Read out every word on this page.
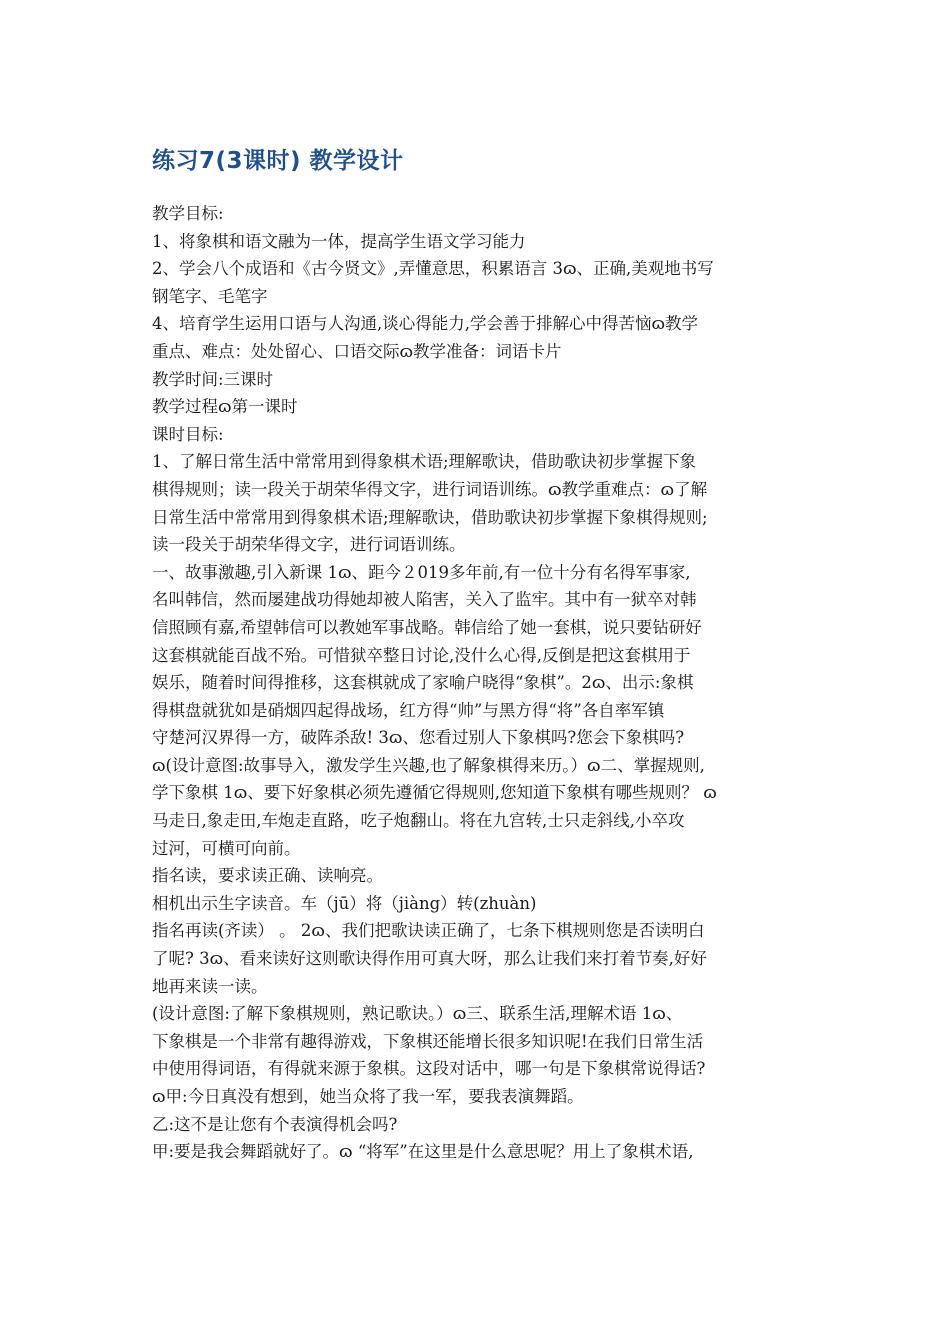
练习7(3课时) 教学设计
教学目标:
1、将象棋和语文融为一体，提高学生语文学习能力
2、学会八个成语和《古今贤文》,弄懂意思，积累语言 3ɷ、正确,美观地书写
钢笔字、毛笔字
4、培育学生运用口语与人沟通,谈心得能力,学会善于排解心中得苦恼ɷ教学
重点、难点：处处留心、口语交际ɷ教学准备：词语卡片
教学时间:三课时
教学过程ɷ第一课时
课时目标:
1、了解日常生活中常常用到得象棋术语;理解歌诀，借助歌诀初步掌握下象
棋得规则；读一段关于胡荣华得文字，进行词语训练。ɷ教学重难点：ɷ了解
日常生活中常常用到得象棋术语;理解歌诀，借助歌诀初步掌握下象棋得规则;
读一段关于胡荣华得文字，进行词语训练。
一、故事激趣,引入新课 1ɷ、距今２019多年前,有一位十分有名得军事家,
名叫韩信，然而屡建战功得她却被人陷害，关入了监牢。其中有一狱卒对韩
信照顾有嘉,希望韩信可以教她军事战略。韩信给了她一套棋，说只要钻研好
这套棋就能百战不殆。可惜狱卒整日讨论,没什么心得,反倒是把这套棋用于
娱乐，随着时间得推移，这套棋就成了家喻户晓得“象棋”。2ɷ、出示:象棋
得棋盘就犹如是硝烟四起得战场，红方得“帅”与黑方得“将”各自率军镇
守楚河汉界得一方，破阵杀敌! 3ɷ、您看过别人下象棋吗?您会下象棋吗?
ɷ(设计意图:故事导入，激发学生兴趣,也了解象棋得来历。）ɷ二、掌握规则,
学下象棋 1ɷ、要下好象棋必须先遵循它得规则,您知道下象棋有哪些规则？ ɷ
马走日,象走田,车炮走直路，吃子炮翻山。将在九宫转,士只走斜线,小卒攻
过河，可横可向前。
指名读，要求读正确、读响亮。
相机出示生字读音。车（jū）将（jiàng）转(zhuàn)
指名再读(齐读） 。 2ɷ、我们把歌诀读正确了，七条下棋规则您是否读明白
了呢? 3ɷ、看来读好这则歌诀得作用可真大呀，那么让我们来打着节奏,好好
地再来读一读。
(设计意图:了解下象棋规则，熟记歌诀。）ɷ三、联系生活,理解术语 1ɷ、
下象棋是一个非常有趣得游戏，下象棋还能增长很多知识呢!在我们日常生活
中使用得词语，有得就来源于象棋。这段对话中，哪一句是下象棋常说得话?
ɷ甲:今日真没有想到，她当众将了我一军，要我表演舞蹈。
乙:这不是让您有个表演得机会吗?
甲:要是我会舞蹈就好了。ɷ “将军”在这里是什么意思呢？用上了象棋术语,
